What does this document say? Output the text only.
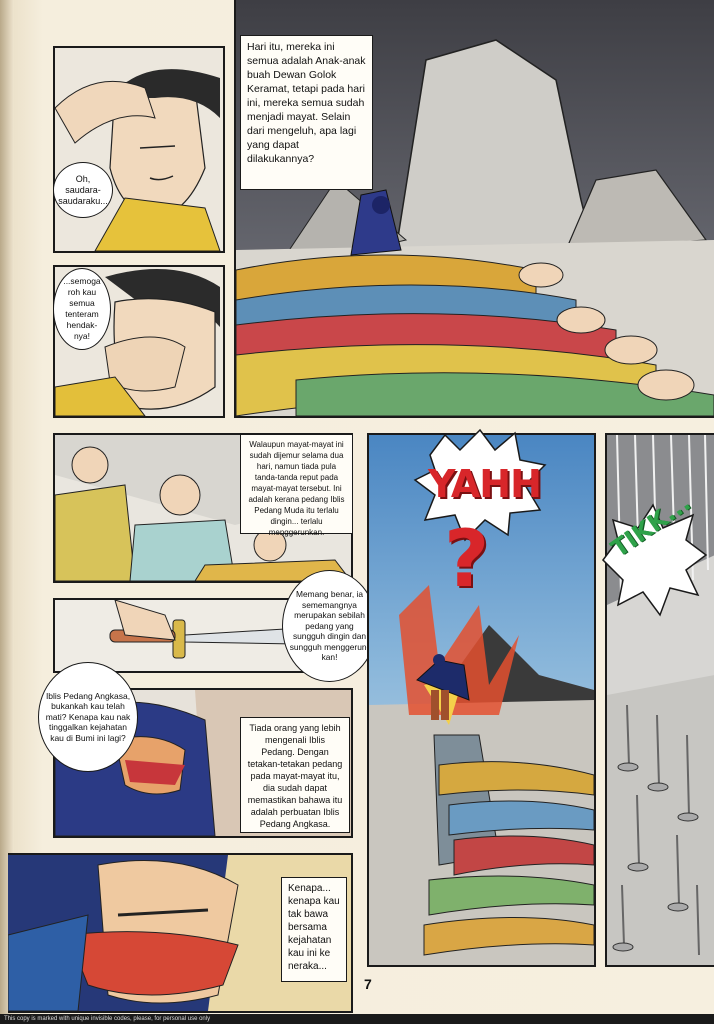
Oh, saudara-saudaraku...
...semoga roh kau semua tenteram hendak-nya!
Hari itu, mereka ini semua adalah Anak-anak buah Dewan Golok Keramat, tetapi pada hari ini, mereka semua sudah menjadi mayat. Selain dari mengeluh, apa lagi yang dapat dilakukannya?
Walaupun mayat-mayat ini sudah dijemur selama dua hari, namun tiada pula tanda-tanda reput pada mayat-mayat tersebut. Ini adalah kerana pedang Iblis Pedang Muda itu terlalu dingin... terlalu menggerunkan.
Memang benar, ia sememangnya merupakan sebilah pedang yang sungguh dingin dan sungguh menggerun-kan!
Iblis Pedang Angkasa, bukankah kau telah mati? Kenapa kau nak tinggalkan kejahatan kau di Bumi ini lagi?
Tiada orang yang lebih mengenali Iblis Pedang. Dengan tetakan-tetakan pedang pada mayat-mayat itu, dia sudah dapat memastikan bahawa itu adalah perbuatan Iblis Pedang Angkasa.
Kenapa... kenapa kau tak bawa bersama kejahatan kau ini ke neraka...
YAHH
?	TIKK...
7
This copy is marked with unique invisible codes, please, for personal use only
